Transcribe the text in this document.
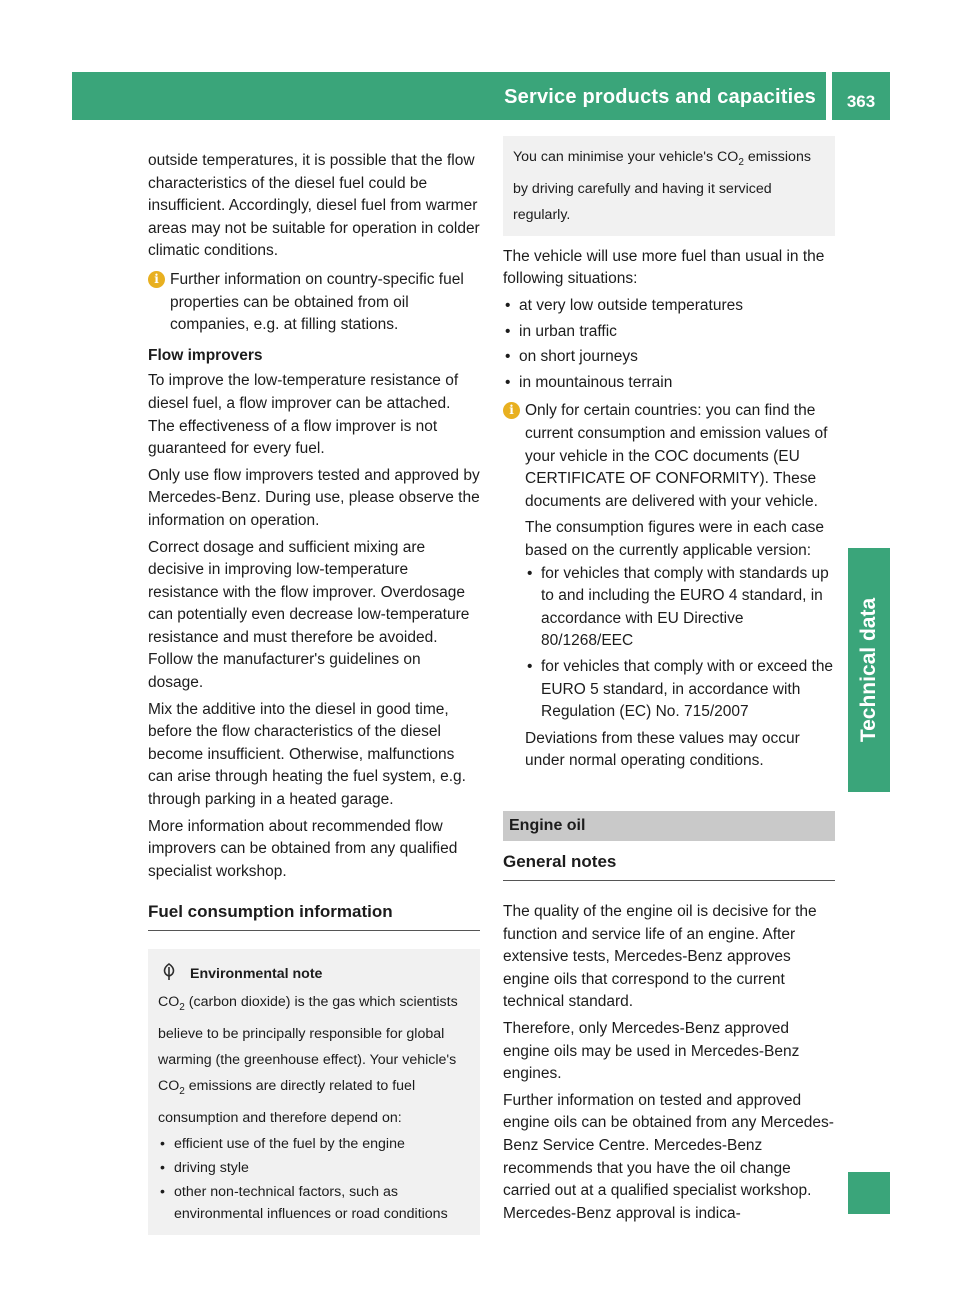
Service products and capacities	363
Technical data

outside temperatures, it is possible that the flow characteristics of the diesel fuel could be insufficient. Accordingly, diesel fuel from warmer areas may not be suitable for operation in colder climatic conditions.

i Further information on country-specific fuel properties can be obtained from oil companies, e.g. at filling stations.
Flow improvers

To improve the low-temperature resistance of diesel fuel, a flow improver can be attached. The effectiveness of a flow improver is not guaranteed for every fuel.

Only use flow improvers tested and approved by Mercedes-Benz. During use, please observe the information on operation.

Correct dosage and sufficient mixing are decisive in improving low-temperature resistance with the flow improver. Overdosage can potentially even decrease low-temperature resistance and must therefore be avoided. Follow the manufacturer's guidelines on dosage.

Mix the additive into the diesel in good time, before the flow characteristics of the diesel become insufficient. Otherwise, malfunctions can arise through heating the fuel system, e.g. through parking in a heated garage.

More information about recommended flow improvers can be obtained from any qualified specialist workshop.

Fuel consumption information
Environmental note
$CO_2$ (carbon dioxide) is the gas which scientists believe to be principally responsible for global warming (the greenhouse effect). Your vehicle's $CO_2$ emissions are directly related to fuel consumption and therefore depend on:
• efficient use of the fuel by the engine
• driving style
• other non-technical factors, such as environmental influences or road conditions
You can minimise your vehicle's $CO_2$ emissions by driving carefully and having it serviced regularly.

The vehicle will use more fuel than usual in the following situations:

• at very low outside temperatures
• in urban traffic
• on short journeys
• in mountainous terrain
i Only for certain countries: you can find the current consumption and emission values of your vehicle in the COC documents (EU CERTIFICATE OF CONFORMITY). These documents are delivered with your vehicle.
The consumption figures were in each case based on the currently applicable version:
• for vehicles that comply with standards up to and including the EURO 4 standard, in accordance with EU Directive 80/1268/EEC
• for vehicles that comply with or exceed the EURO 5 standard, in accordance with Regulation (EC) No. 715/2007
Deviations from these values may occur under normal operating conditions.
Engine oil
General notes

The quality of the engine oil is decisive for the function and service life of an engine. After extensive tests, Mercedes-Benz approves engine oils that correspond to the current technical standard.

Therefore, only Mercedes-Benz approved engine oils may be used in Mercedes-Benz engines.

Further information on tested and approved engine oils can be obtained from any Mercedes-Benz Service Centre. Mercedes-Benz recommends that you have the oil change carried out at a qualified specialist workshop. Mercedes-Benz approval is indica-
